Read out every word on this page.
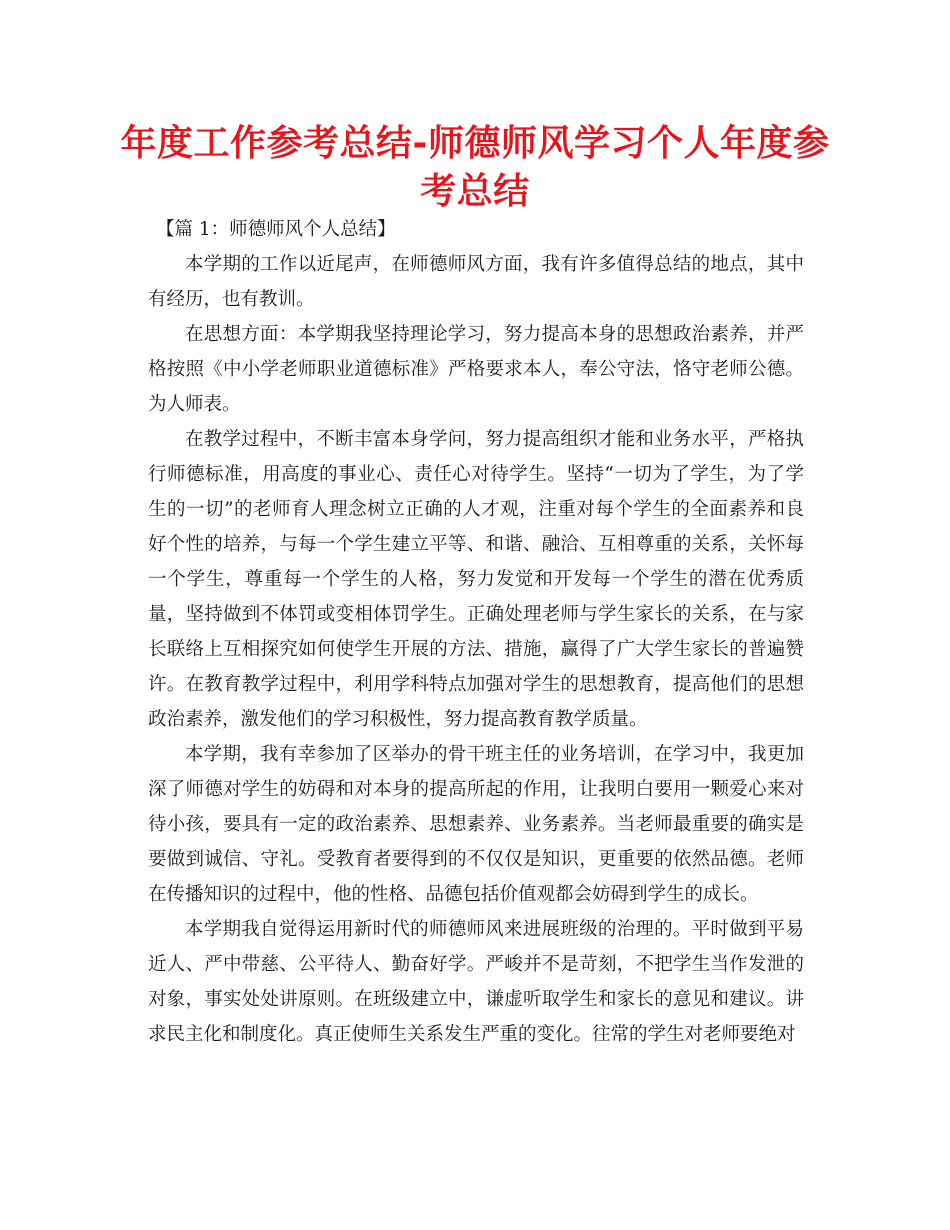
年度工作参考总结-师德师风学习个人年度参考总结

【篇 1：师德师风个人总结】

本学期的工作以近尾声，在师德师风方面，我有许多值得总结的地点，其中有经历，也有教训。

在思想方面：本学期我坚持理论学习，努力提高本身的思想政治素养，并严格按照《中小学老师职业道德标准》严格要求本人，奉公守法，恪守老师公德。为人师表。

在教学过程中，不断丰富本身学问，努力提高组织才能和业务水平，严格执行师德标准，用高度的事业心、责任心对待学生。坚持“一切为了学生，为了学生的一切”的老师育人理念树立正确的人才观，注重对每个学生的全面素养和良好个性的培养，与每一个学生建立平等、和谐、融洽、互相尊重的关系，关怀每一个学生，尊重每一个学生的人格，努力发觉和开发每一个学生的潜在优秀质量，坚持做到不体罚或变相体罚学生。正确处理老师与学生家长的关系，在与家长联络上互相探究如何使学生开展的方法、措施，赢得了广大学生家长的普遍赞许。在教育教学过程中，利用学科特点加强对学生的思想教育，提高他们的思想政治素养，激发他们的学习积极性，努力提高教育教学质量。

本学期，我有幸参加了区举办的骨干班主任的业务培训，在学习中，我更加深了师德对学生的妨碍和对本身的提高所起的作用，让我明白要用一颗爱心来对待小孩，要具有一定的政治素养、思想素养、业务素养。当老师最重要的确实是要做到诚信、守礼。受教育者要得到的不仅仅是知识，更重要的依然品德。老师在传播知识的过程中，他的性格、品德包括价值观都会妨碍到学生的成长。

本学期我自觉得运用新时代的师德师风来进展班级的治理的。平时做到平易近人、严中带慈、公平待人、勤奋好学。严峻并不是苛刻，不把学生当作发泄的对象，事实处处讲原则。在班级建立中，谦虚听取学生和家长的意见和建议。讲求民主化和制度化。真正使师生关系发生严重的变化。往常的学生对老师要绝对
